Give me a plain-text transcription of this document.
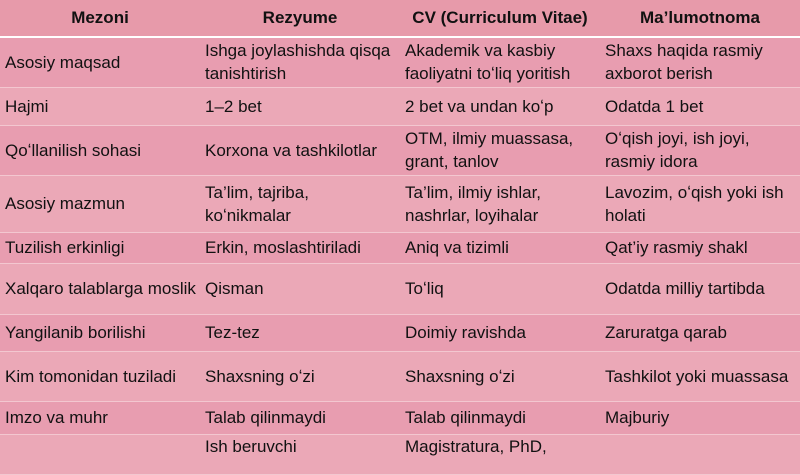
Mezoni	Rezyume	CV (Curriculum Vitae)	Ma’lumotnoma
Asosiy maqsad	Ishga joylashishda qisqa tanishtirish	Akademik va kasbiy faoliyatni toʻliq yoritish	Shaxs haqida rasmiy axborot berish
Hajmi	1–2 bet	2 bet va undan koʻp	Odatda 1 bet
Qoʻllanilish sohasi	Korxona va tashkilotlar	OTM, ilmiy muassasa, grant, tanlov	Oʻqish joyi, ish joyi, rasmiy idora
Asosiy mazmun	Ta’lim, tajriba, koʻnikmalar	Ta’lim, ilmiy ishlar, nashrlar, loyihalar	Lavozim, oʻqish yoki ish holati
Tuzilish erkinligi	Erkin, moslashtiriladi	Aniq va tizimli	Qat’iy rasmiy shakl
Xalqaro talablarga moslik	Qisman	Toʻliq	Odatda milliy tartibda
Yangilanib borilishi	Tez-tez	Doimiy ravishda	Zaruratga qarab
Kim tomonidan tuziladi	Shaxsning oʻzi	Shaxsning oʻzi	Tashkilot yoki muassasa
Imzo va muhr	Talab qilinmaydi	Talab qilinmaydi	Majburiy
	Ish beruvchi	Magistratura, PhD,	
